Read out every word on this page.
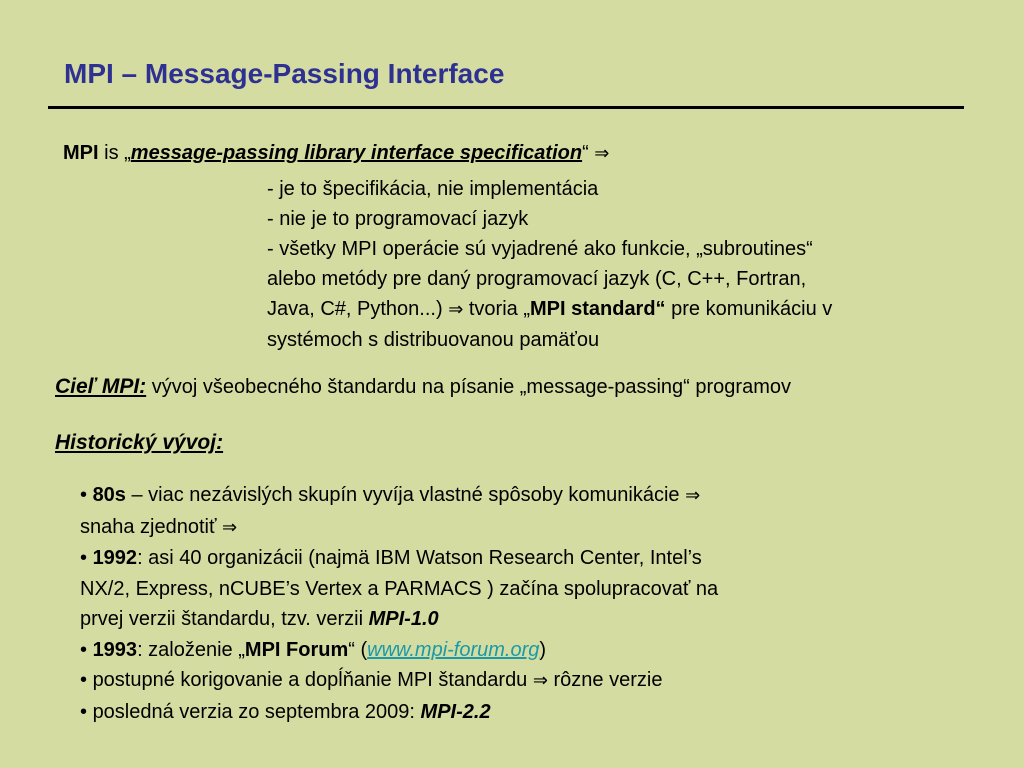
MPI – Message-Passing Interface
MPI is „message-passing library interface specification“ ⇒
- je to špecifikácia, nie implementácia
- nie je to programovací jazyk
- všetky MPI operácie sú vyjadrené ako funkcie, „subroutines“
alebo metódy pre daný programovací jazyk (C, C++, Fortran,
Java, C#, Python...) ⇒ tvoria „MPI standard“ pre komunikáciu v
systémoch s distribuovanou pamäťou
Cieľ MPI: vývoj všeobecného štandardu na písanie „message-passing“ programov
Historický vývoj:
• 80s – viac nezávislých skupín vyvíja vlastné spôsoby komunikácie ⇒
snaha zjednotiť ⇒
• 1992: asi 40 organizácii (najmä IBM Watson Research Center, Intel’s
NX/2, Express, nCUBE’s Vertex a PARMACS ) začína spolupracovať na
prvej verzii štandardu, tzv. verzii MPI-1.0
• 1993: založenie „MPI Forum“ (www.mpi-forum.org)
• postupné korigovanie a dopĺňanie MPI štandardu ⇒ rôzne verzie
• posledná verzia zo septembra 2009: MPI-2.2
